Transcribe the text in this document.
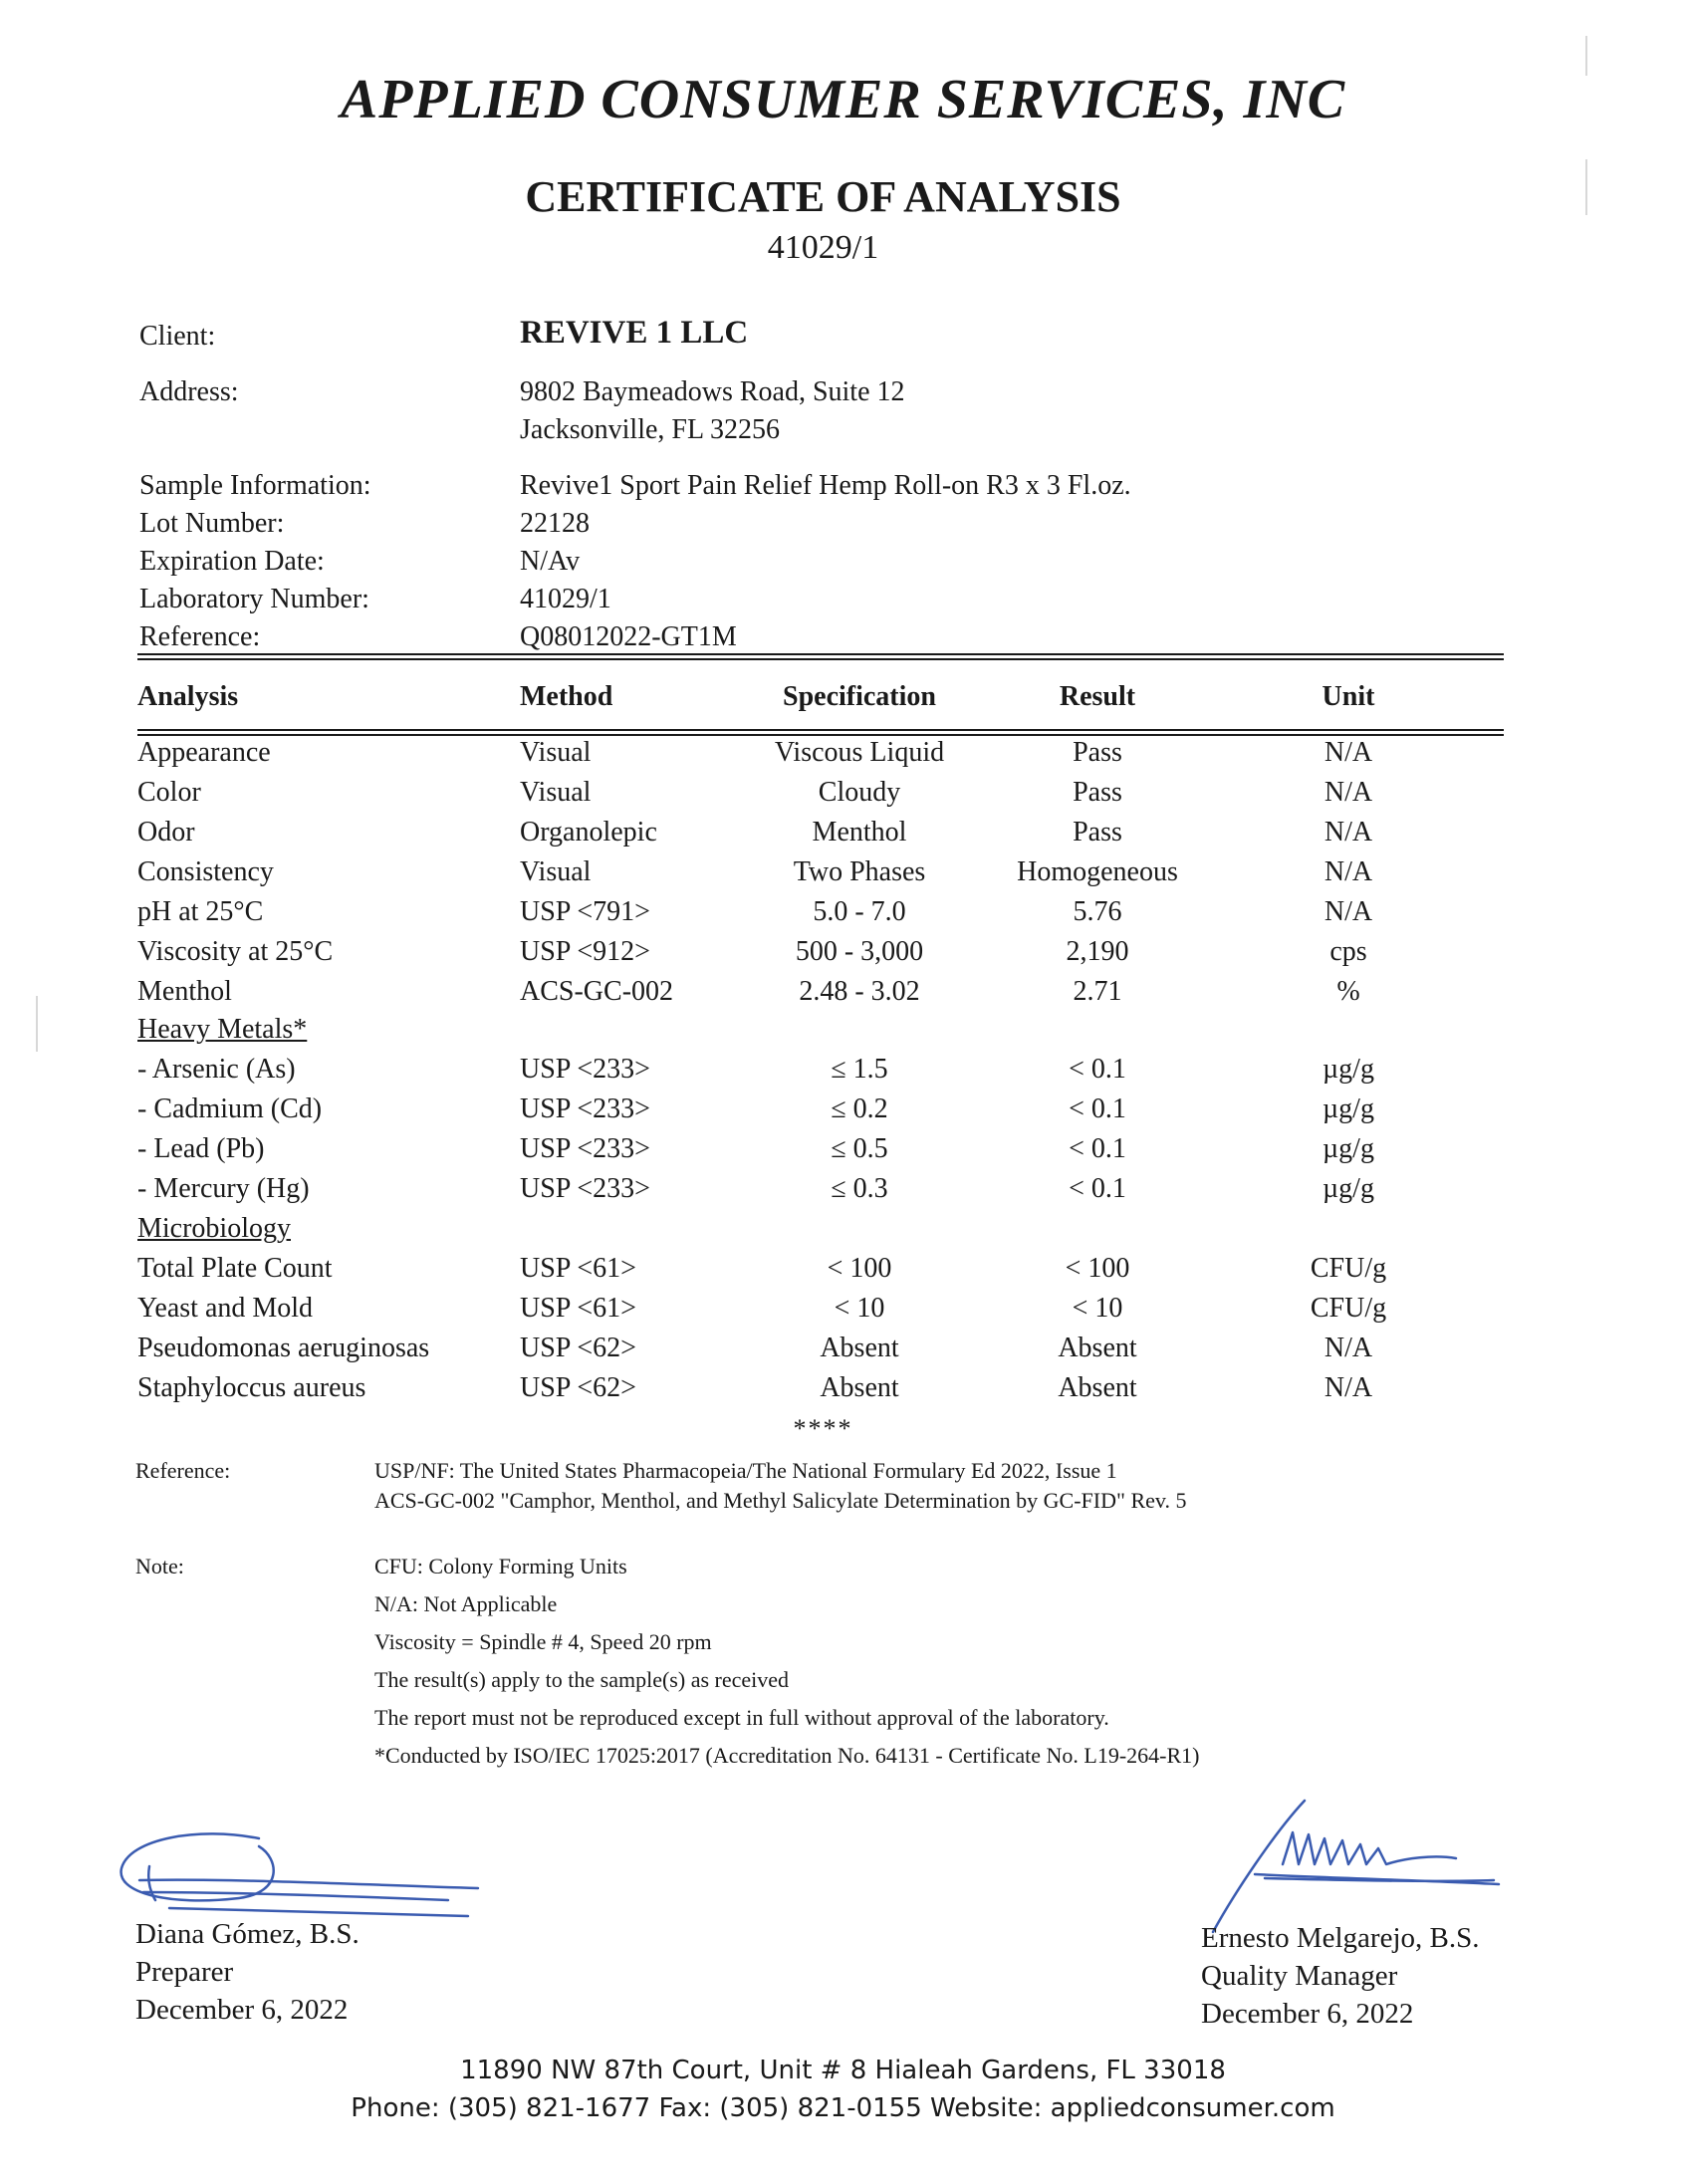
APPLIED CONSUMER SERVICES, INC
CERTIFICATE OF ANALYSIS
41029/1
Client:	REVIVE 1 LLC
Address:	9802 Baymeadows Road, Suite 12
Jacksonville, FL 32256
Sample Information:	Revive1 Sport Pain Relief Hemp Roll-on R3 x 3 Fl.oz.
Lot Number:	22128
Expiration Date:	N/Av
Laboratory Number:	41029/1
Reference:	Q08012022-GT1M
Analysis	Method	Specification	Result	Unit
Appearance	Visual	Viscous Liquid	Pass	N/A
Color	Visual	Cloudy	Pass	N/A
Odor	Organolepic	Menthol	Pass	N/A
Consistency	Visual	Two Phases	Homogeneous	N/A
pH at 25°C	USP <791>	5.0 - 7.0	5.76	N/A
Viscosity at 25°C	USP <912>	500 - 3,000	2,190	cps
Menthol	ACS-GC-002	2.48 - 3.02	2.71	%
Heavy Metals*
- Arsenic (As)	USP <233>	≤ 1.5	< 0.1	µg/g
- Cadmium (Cd)	USP <233>	≤ 0.2	< 0.1	µg/g
- Lead (Pb)	USP <233>	≤ 0.5	< 0.1	µg/g
- Mercury (Hg)	USP <233>	≤ 0.3	< 0.1	µg/g
Microbiology
Total Plate Count	USP <61>	< 100	< 100	CFU/g
Yeast and Mold	USP <61>	< 10	< 10	CFU/g
Pseudomonas aeruginosas	USP <62>	Absent	Absent	N/A
Staphyloccus aureus	USP <62>	Absent	Absent	N/A
****
Reference:	USP/NF: The United States Pharmacopeia/The National Formulary Ed 2022, Issue 1
ACS-GC-002 "Camphor, Menthol, and Methyl Salicylate Determination by GC-FID" Rev. 5
Note:	CFU: Colony Forming Units
N/A: Not Applicable
Viscosity = Spindle # 4, Speed 20 rpm
The result(s) apply to the sample(s) as received
The report must not be reproduced except in full without approval of the laboratory.
*Conducted by ISO/IEC 17025:2017 (Accreditation No. 64131 - Certificate No. L19-264-R1)
Diana Gómez, B.S.
Preparer
December 6, 2022
Ernesto Melgarejo, B.S.
Quality Manager
December 6, 2022
11890 NW 87th Court, Unit # 8 Hialeah Gardens, FL 33018
Phone: (305) 821-1677 Fax: (305) 821-0155 Website: appliedconsumer.com
